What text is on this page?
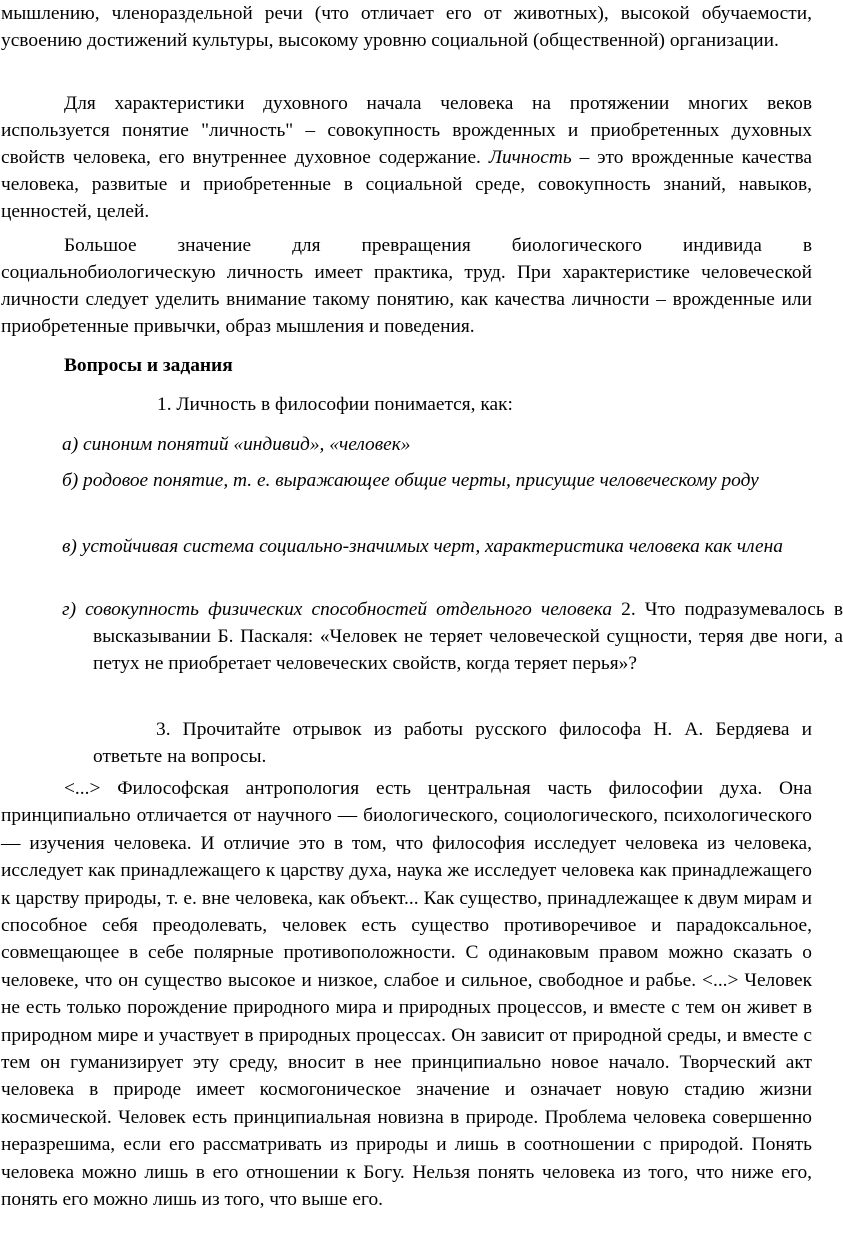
мышлению, членораздельной речи (что отличает его от животных), высокой обучаемости, усвоению достижений культуры, высокому уровню социальной (общественной) организации.

Для характеристики духовного начала человека на протяжении многих веков используется понятие "личность" – совокупность врожденных и приобретенных духовных свойств человека, его внутреннее духовное содержание. Личность – это врожденные качества человека, развитые и приобретенные в социальной среде, совокупность знаний, навыков, ценностей, целей.

Большое значение для превращения биологического индивида в социальнобиологическую личность имеет практика, труд. При характеристике человеческой личности следует уделить внимание такому понятию, как качества личности – врожденные или приобретенные привычки, образ мышления и поведения.

Вопросы и задания
1. Личность в философии понимается, как:

а) синоним понятий «индивид», «человек»

б) родовое понятие, т. е. выражающее общие черты, присущие человеческому роду

в) устойчивая система социально-значимых черт, характеристика человека как члена

г) совокупность физических способностей отдельного человека 2. Что подразумевалось в высказывании Б. Паскаля: «Человек не теряет человеческой сущности, теряя две ноги, а петух не приобретает человеческих свойств, когда теряет перья»?

3. Прочитайте отрывок из работы русского философа Н. А. Бердяева и ответьте на вопросы.

<...> Философская антропология есть центральная часть философии духа. Она принципиально отличается от научного — биологического, социологического, психологического — изучения человека. И отличие это в том, что философия исследует человека из человека, исследует как принадлежащего к царству духа, наука же исследует человека как принадлежащего к царству природы, т. е. вне человека, как объект... Как существо, принадлежащее к двум мирам и способное себя преодолевать, человек есть существо противоречивое и парадоксальное, совмещающее в себе полярные противоположности. С одинаковым правом можно сказать о человеке, что он существо высокое и низкое, слабое и сильное, свободное и рабье. <...> Человек не есть только порождение природного мира и природных процессов, и вместе с тем он живет в природном мире и участвует в природных процессах. Он зависит от природной среды, и вместе с тем он гуманизирует эту среду, вносит в нее принципиально новое начало. Творческий акт человека в природе имеет космогоническое значение и означает новую стадию жизни космической. Человек есть принципиальная новизна в природе. Проблема человека совершенно неразрешима, если его рассматривать из природы и лишь в соотношении с природой. Понять человека можно лишь в его отношении к Богу. Нельзя понять человека из того, что ниже его, понять его можно лишь из того, что выше его.
